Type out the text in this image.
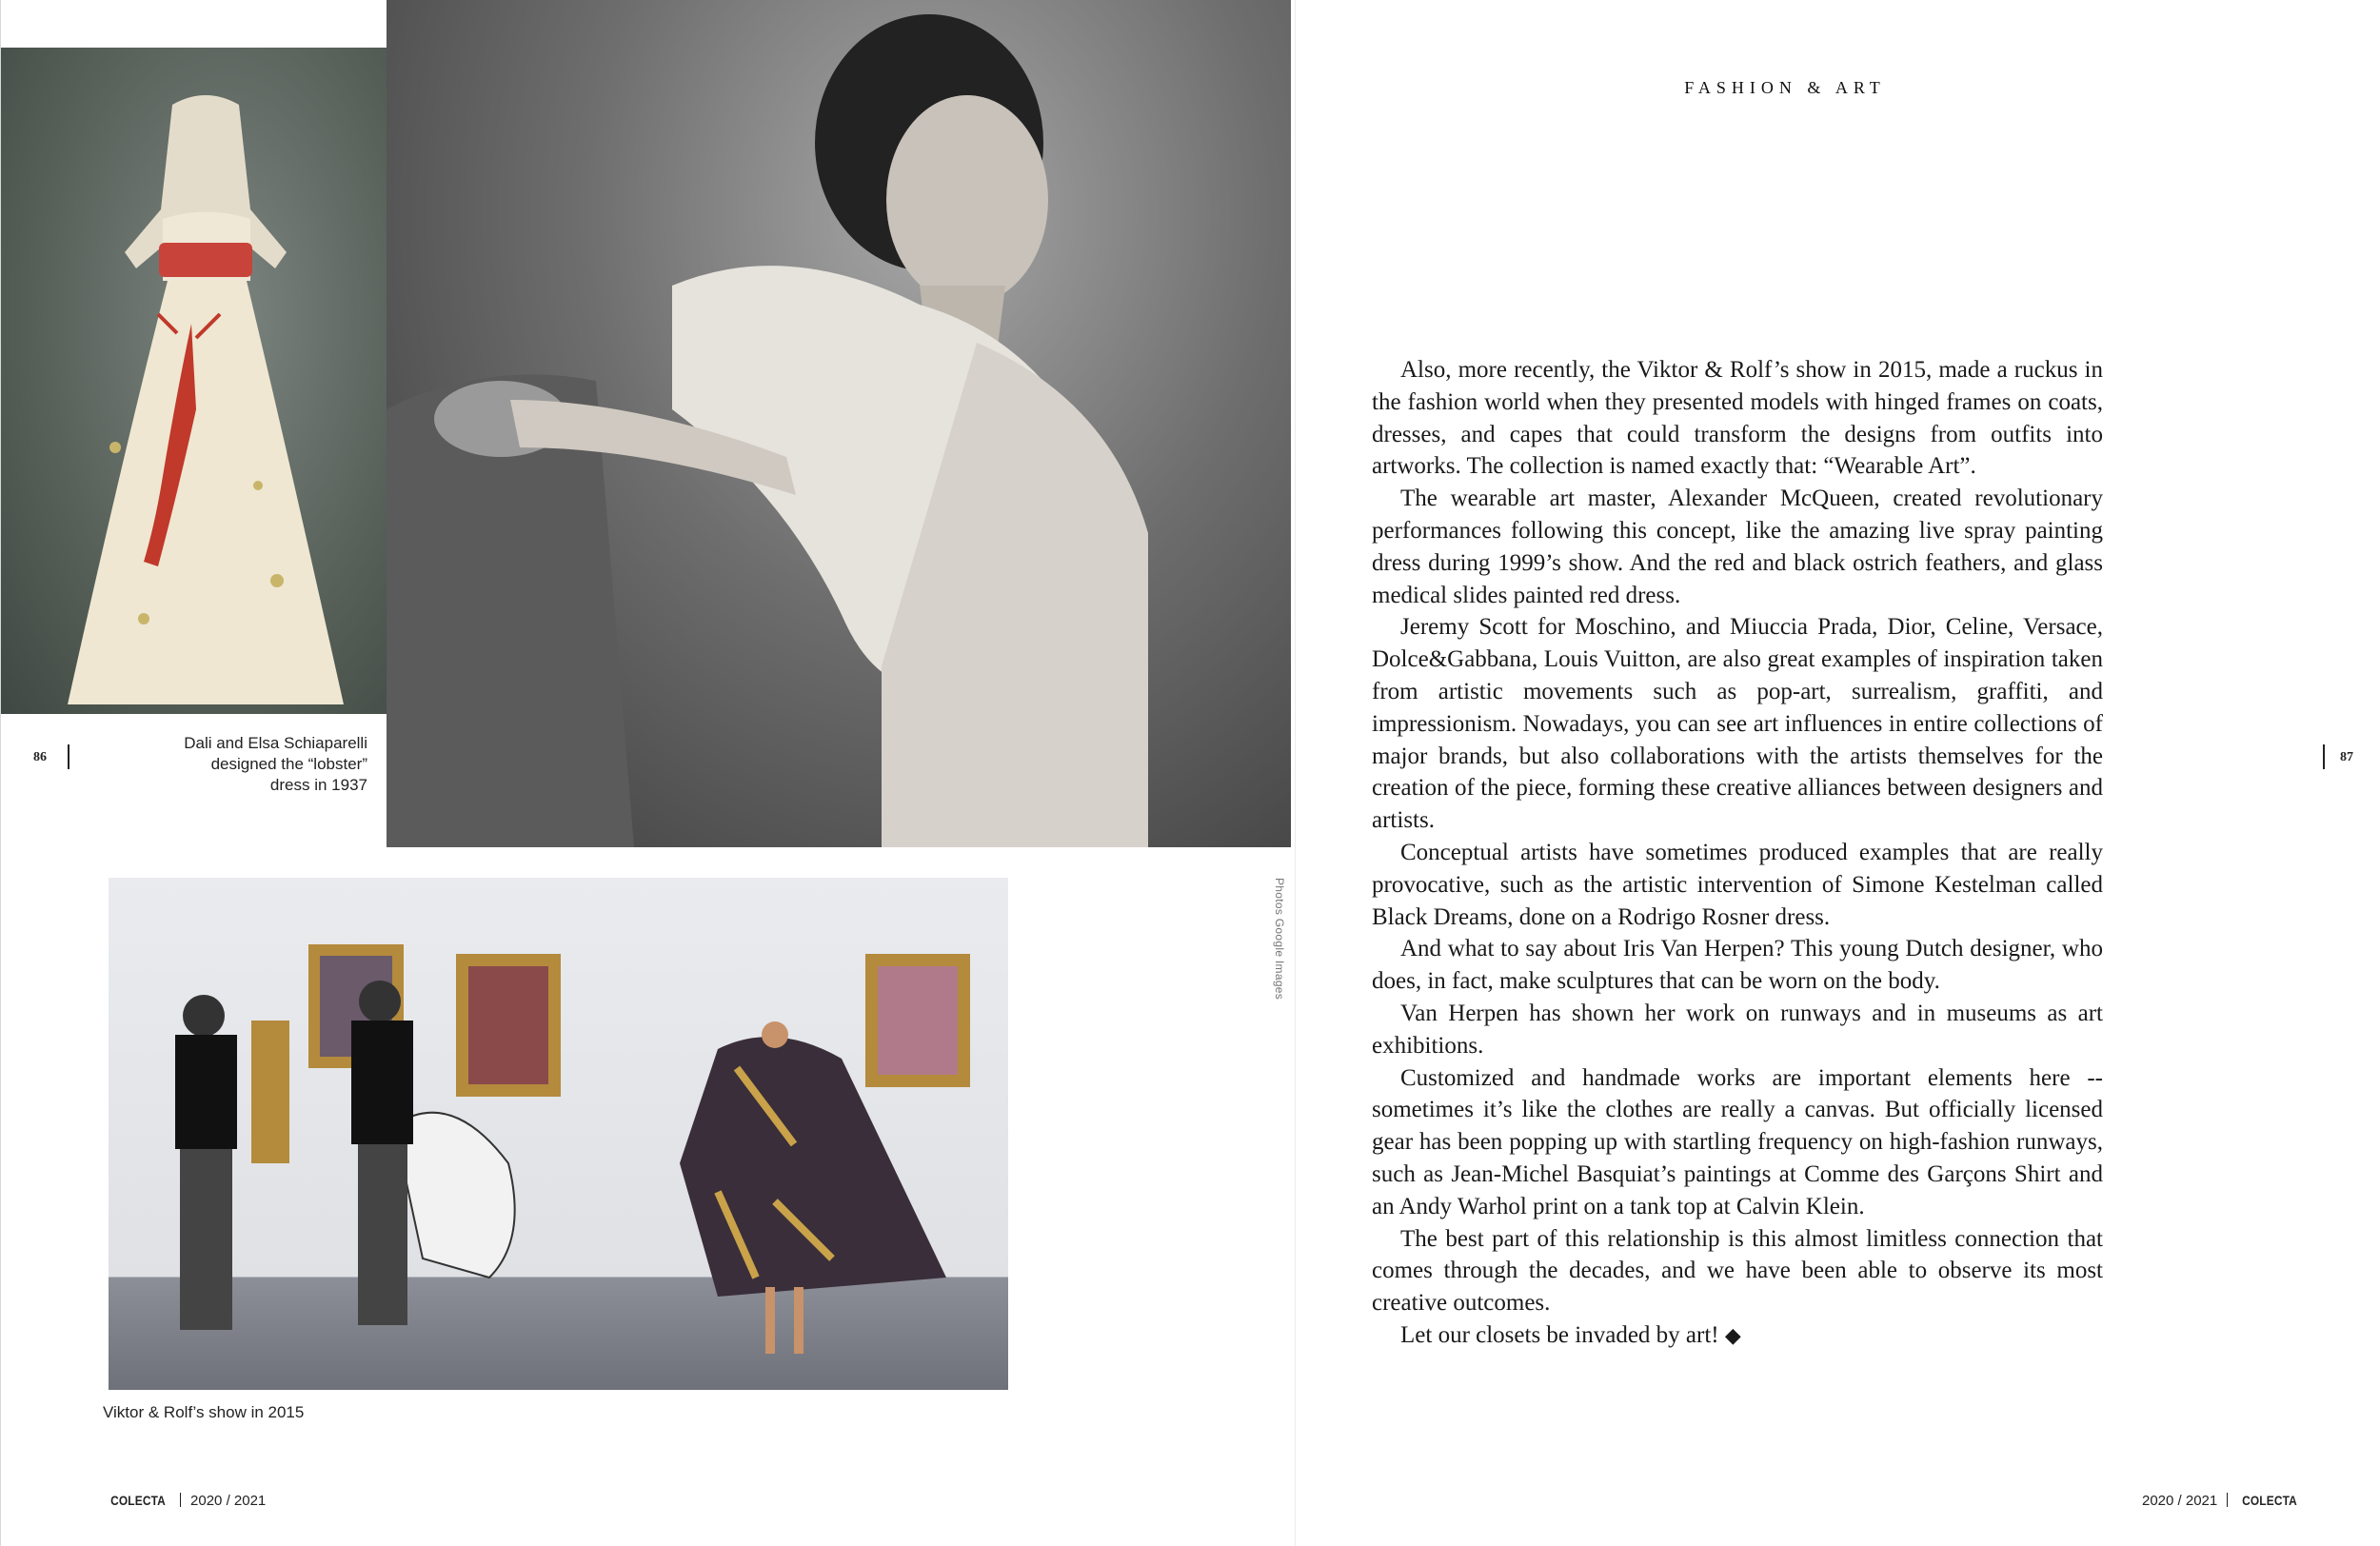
Dali and Elsa Schiaparelli
designed the “lobster”
dress in 1937
Viktor & Rolf’s show in 2015
Photos Google Images
86
COLECTA 2020 / 2021
FASHION & ART

Also, more recently, the Viktor & Rolf’s show in 2015, made a ruckus in the fashion world when they presented models with hinged frames on coats, dresses, and capes that could transform the designs from outfits into artworks. The collection is named exactly that: “Wearable Art”.

The wearable art master, Alexander McQueen, created revolutionary performances following this concept, like the amazing live spray painting dress during 1999’s show. And the red and black ostrich feathers, and glass medical slides painted red dress.

Jeremy Scott for Moschino, and Miuccia Prada, Dior, Celine, Versace, Dolce&Gabbana, Louis Vuitton, are also great examples of inspiration taken from artistic movements such as pop-art, surrealism, graffiti, and impressionism. Nowadays, you can see art influences in entire collections of major brands, but also collaborations with the artists themselves for the creation of the piece, forming these creative alliances between designers and artists.

Conceptual artists have sometimes produced examples that are really provocative, such as the artistic intervention of Simone Kestelman called Black Dreams, done on a Rodrigo Rosner dress.

And what to say about Iris Van Herpen? This young Dutch designer, who does, in fact, make sculptures that can be worn on the body.

Van Herpen has shown her work on runways and in museums as art exhibitions.

Customized and handmade works are important elements here -- sometimes it’s like the clothes are really a canvas. But officially licensed gear has been popping up with startling frequency on high-fashion runways, such as Jean-Michel Basquiat’s paintings at Comme des Garçons Shirt and an Andy Warhol print on a tank top at Calvin Klein.

The best part of this relationship is this almost limitless connection that comes through the decades, and we have been able to observe its most creative outcomes.

Let our closets be invaded by art! ◆

87
2020 / 2021 COLECTA
